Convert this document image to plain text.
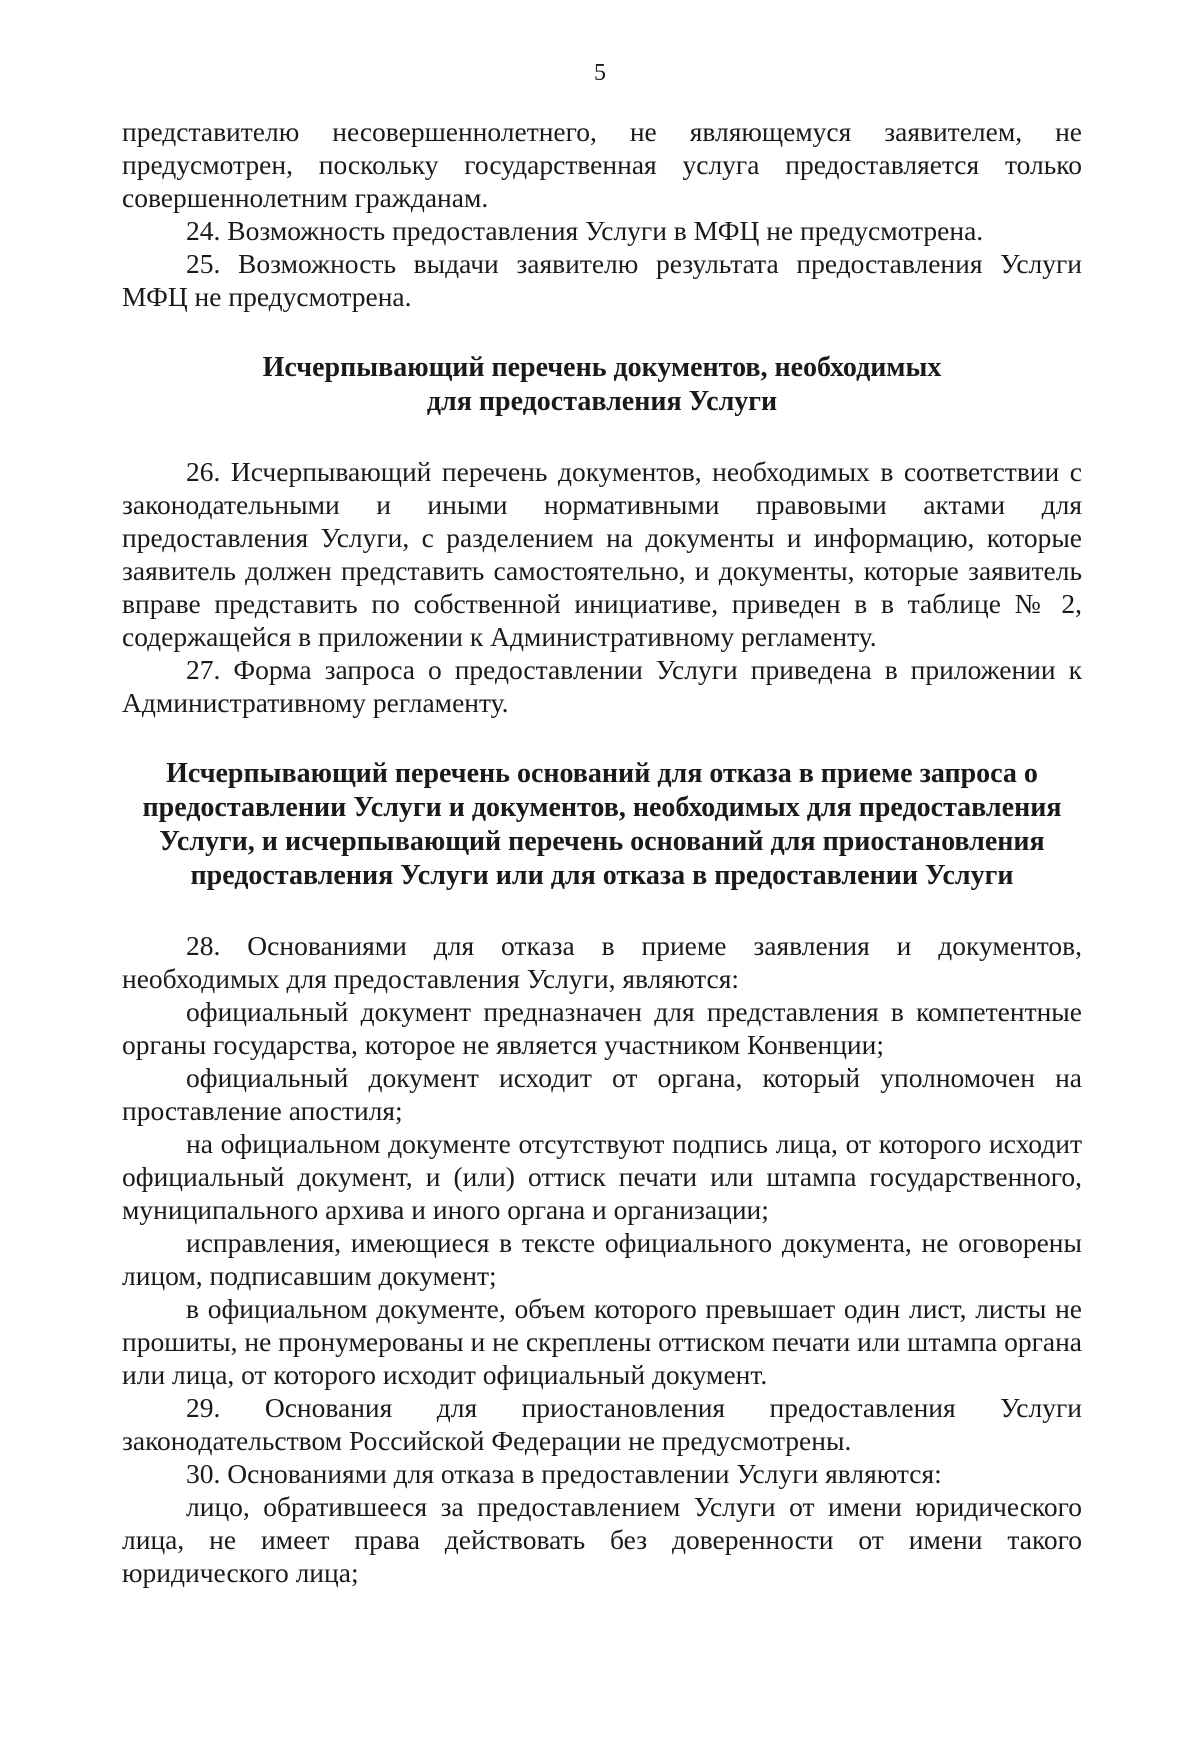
5

представителю несовершеннолетнего, не являющемуся заявителем, не предусмотрен, поскольку государственная услуга предоставляется только совершеннолетним гражданам.

24. Возможность предоставления Услуги в МФЦ не предусмотрена.

25. Возможность выдачи заявителю результата предоставления Услуги МФЦ не предусмотрена.

Исчерпывающий перечень документов, необходимых

для предоставления Услуги

26. Исчерпывающий перечень документов, необходимых в соответствии с законодательными и иными нормативными правовыми актами для предоставления Услуги, с разделением на документы и информацию, которые заявитель должен представить самостоятельно, и документы, которые заявитель вправе представить по собственной инициативе, приведен в в таблице № 2, содержащейся в приложении к Административному регламенту.

27. Форма запроса о предоставлении Услуги приведена в приложении к Административному регламенту.

Исчерпывающий перечень оснований для отказа в приеме запроса о

предоставлении Услуги и документов, необходимых для предоставления

Услуги, и исчерпывающий перечень оснований для приостановления

предоставления Услуги или для отказа в предоставлении Услуги

28. Основаниями для отказа в приеме заявления и документов, необходимых для предоставления Услуги, являются:

официальный документ предназначен для представления в компетентные органы государства, которое не является участником Конвенции;

официальный документ исходит от органа, который уполномочен на проставление апостиля;

на официальном документе отсутствуют подпись лица, от которого исходит официальный документ, и (или) оттиск печати или штампа государственного, муниципального архива и иного органа и организации;

исправления, имеющиеся в тексте официального документа, не оговорены лицом, подписавшим документ;

в официальном документе, объем которого превышает один лист, листы не прошиты, не пронумерованы и не скреплены оттиском печати или штампа органа или лица, от которого исходит официальный документ.

29. Основания для приостановления предоставления Услуги законодательством Российской Федерации не предусмотрены.

30. Основаниями для отказа в предоставлении Услуги являются:

лицо, обратившееся за предоставлением Услуги от имени юридического лица, не имеет права действовать без доверенности от имени такого юридического лица;
